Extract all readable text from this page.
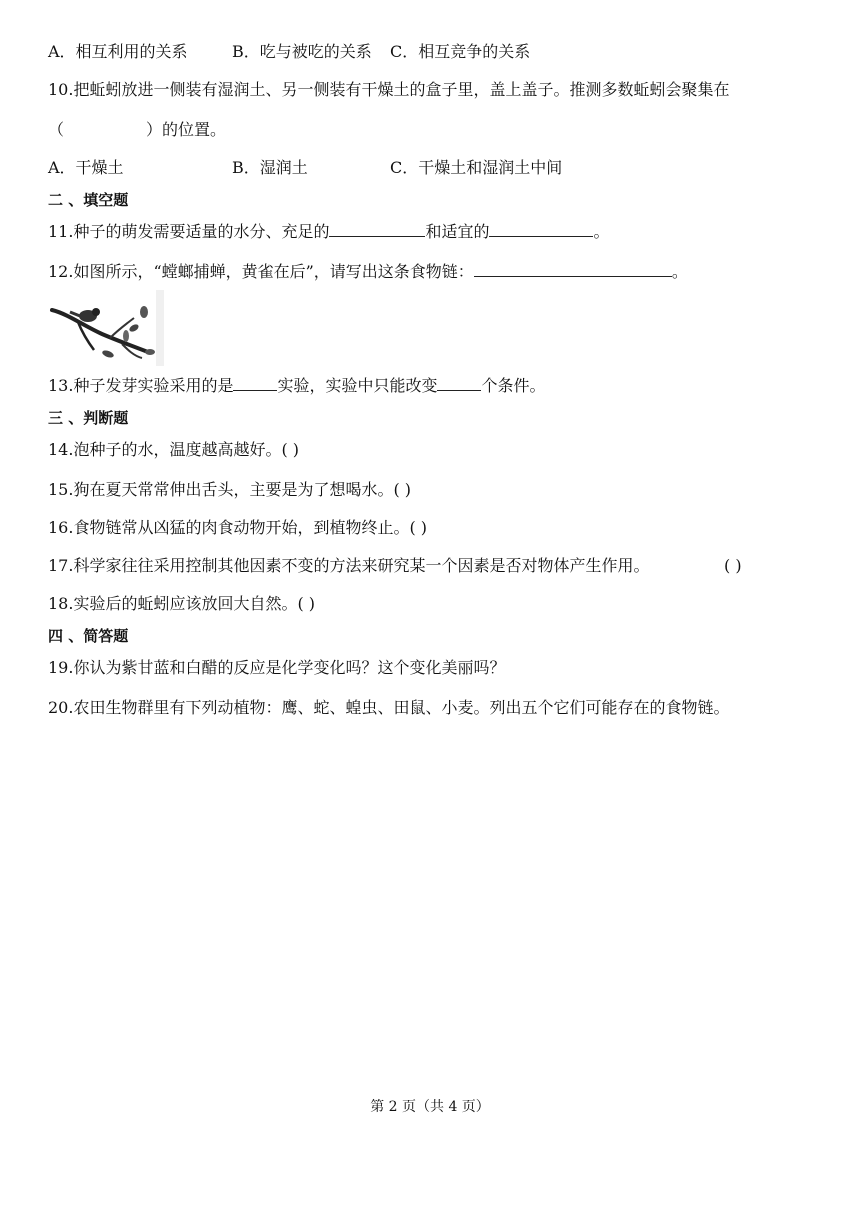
A．相互利用的关系	B．吃与被吃的关系 C．相互竞争的关系
10.把蚯蚓放进一侧装有湿润土、另一侧装有干燥土的盒子里，盖上盖子。推测多数蚯蚓会聚集在
（	）的位置。
A．干燥土	B．湿润土	C．干燥土和湿润土中间
二 、填空题
11.种子的萌发需要适量的水分、充足的	和适宜的	。
12.如图所示，“螳螂捕蝉，黄雀在后”，请写出这条食物链：	。
13.种子发芽实验采用的是	实验，实验中只能改变	个条件。
三 、判断题
14.泡种子的水，温度越高越好。( )
15.狗在夏天常常伸出舌头，主要是为了想喝水。( )
16.食物链常从凶猛的肉食动物开始，到植物终止。( )
17.科学家往往采用控制其他因素不变的方法来研究某一个因素是否对物体产生作用。	( )
18.实验后的蚯蚓应该放回大自然。( )
四 、简答题
19.你认为紫甘蓝和白醋的反应是化学变化吗？这个变化美丽吗？
20.农田生物群里有下列动植物：鹰、蛇、蝗虫、田鼠、小麦。列出五个它们可能存在的食物链。
第 2 页（共 4 页）
